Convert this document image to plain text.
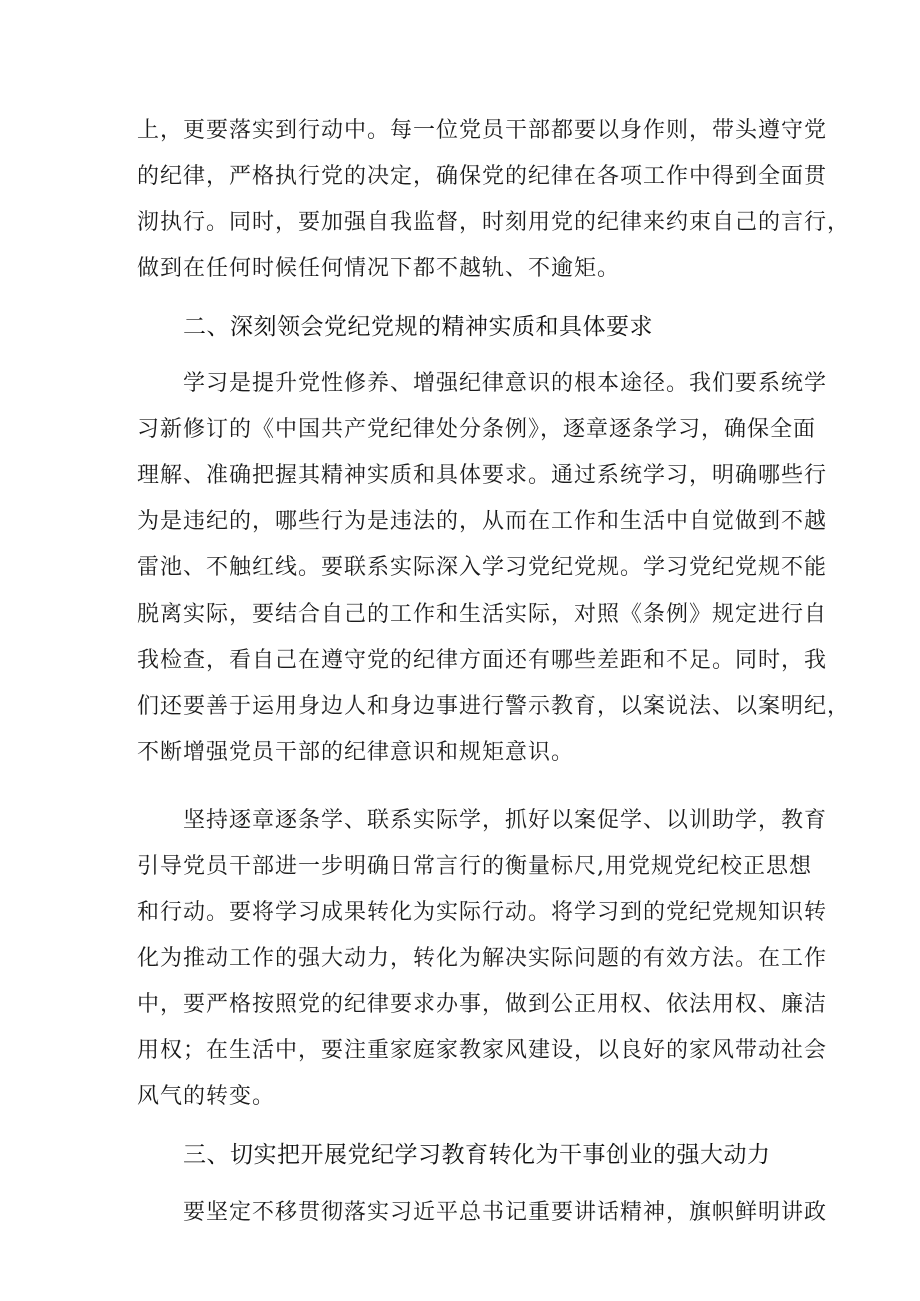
上，更要落实到行动中。每一位党员干部都要以身作则，带头遵守党
的纪律，严格执行党的决定，确保党的纪律在各项工作中得到全面贯
沏执行。同时，要加强自我监督，时刻用党的纪律来约束自己的言行，
做到在任何时候任何情况下都不越轨、不逾矩。
二、深刻领会党纪党规的精神实质和具体要求
学习是提升党性修养、增强纪律意识的根本途径。我们要系统学
习新修订的《中国共产党纪律处分条例》，逐章逐条学习，确保全面
理解、准确把握其精神实质和具体要求。通过系统学习，明确哪些行
为是违纪的，哪些行为是违法的，从而在工作和生活中自觉做到不越
雷池、不触红线。要联系实际深入学习党纪党规。学习党纪党规不能
脱离实际，要结合自己的工作和生活实际，对照《条例》规定进行自
我检查，看自己在遵守党的纪律方面还有哪些差距和不足。同时，我
们还要善于运用身边人和身边事进行警示教育，以案说法、以案明纪，
不断增强党员干部的纪律意识和规矩意识。
坚持逐章逐条学、联系实际学，抓好以案促学、以训助学，教育
引导党员干部进一步明确日常言行的衡量标尺,用党规党纪校正思想
和行动。要将学习成果转化为实际行动。将学习到的党纪党规知识转
化为推动工作的强大动力，转化为解决实际问题的有效方法。在工作
中，要严格按照党的纪律要求办事，做到公正用权、依法用权、廉洁
用权；在生活中，要注重家庭家教家风建设，以良好的家风带动社会
风气的转变。
三、切实把开展党纪学习教育转化为干事创业的强大动力
要坚定不移贯彻落实习近平总书记重要讲话精神，旗帜鲜明讲政
